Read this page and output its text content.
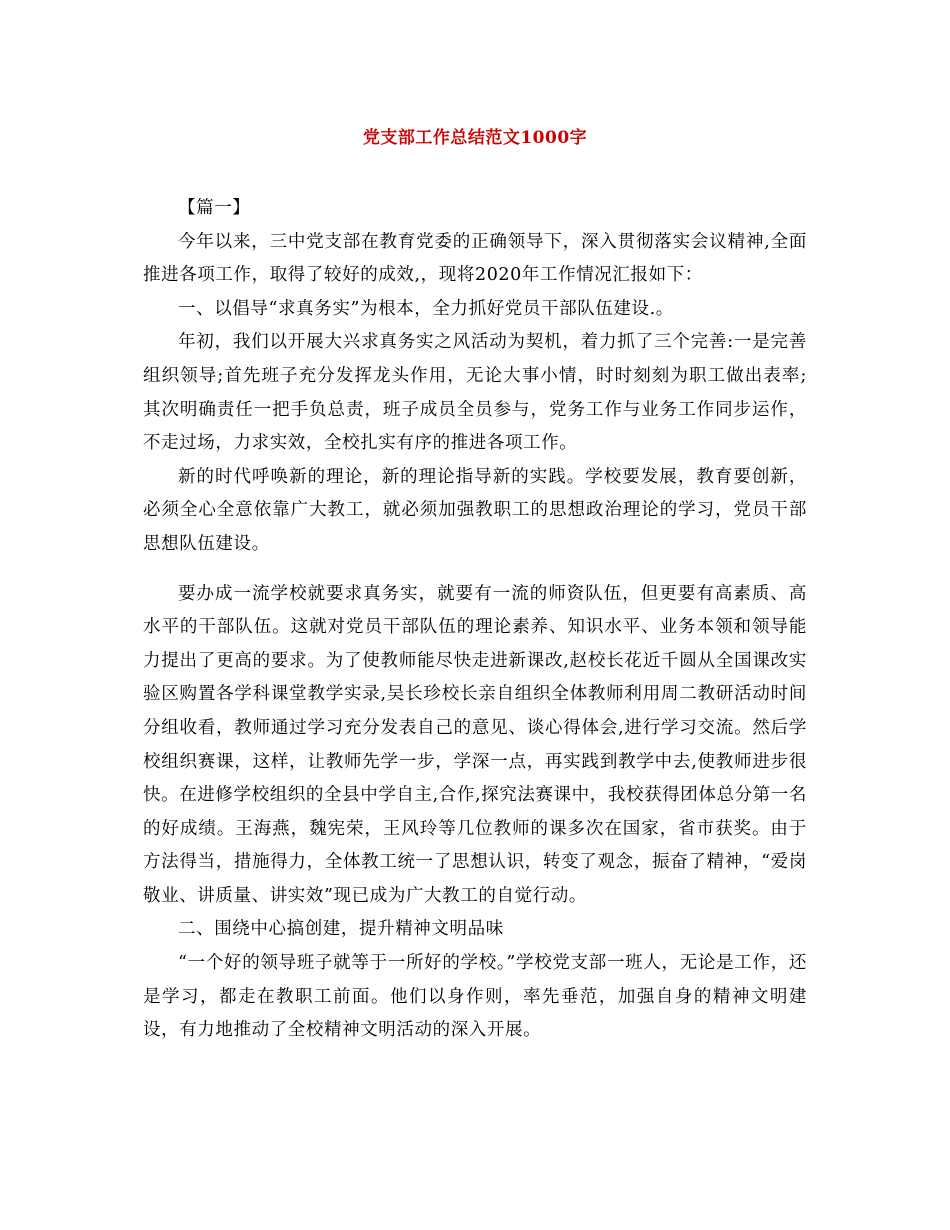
党支部工作总结范文1000字

【篇一】

今年以来，三中党支部在教育党委的正确领导下，深入贯彻落实会议精神,全面推进各项工作，取得了较好的成效,，现将2020年工作情况汇报如下：

一、以倡导“求真务实”为根本，全力抓好党员干部队伍建设.。

年初，我们以开展大兴求真务实之风活动为契机，着力抓了三个完善:一是完善组织领导;首先班子充分发挥龙头作用，无论大事小情，时时刻刻为职工做出表率;其次明确责任一把手负总责，班子成员全员参与，党务工作与业务工作同步运作，不走过场，力求实效，全校扎实有序的推进各项工作。

新的时代呼唤新的理论，新的理论指导新的实践。学校要发展，教育要创新，必须全心全意依靠广大教工，就必须加强教职工的思想政治理论的学习，党员干部思想队伍建设。

要办成一流学校就要求真务实，就要有一流的师资队伍，但更要有高素质、高水平的干部队伍。这就对党员干部队伍的理论素养、知识水平、业务本领和领导能力提出了更高的要求。为了使教师能尽快走进新课改,赵校长花近千圆从全国课改实验区购置各学科课堂教学实录,吴长珍校长亲自组织全体教师利用周二教研活动时间分组收看，教师通过学习充分发表自己的意见、谈心得体会,进行学习交流。然后学校组织赛课，这样，让教师先学一步，学深一点，再实践到教学中去,使教师进步很快。在进修学校组织的全县中学自主,合作,探究法赛课中，我校获得团体总分第一名的好成绩。王海燕，魏宪荣，王风玲等几位教师的课多次在国家，省市获奖。由于方法得当，措施得力，全体教工统一了思想认识，转变了观念，振奋了精神，“爱岗敬业、讲质量、讲实效”现已成为广大教工的自觉行动。

二、围绕中心搞创建，提升精神文明品味

“一个好的领导班子就等于一所好的学校。”学校党支部一班人，无论是工作，还是学习，都走在教职工前面。他们以身作则，率先垂范，加强自身的精神文明建设，有力地推动了全校精神文明活动的深入开展。
